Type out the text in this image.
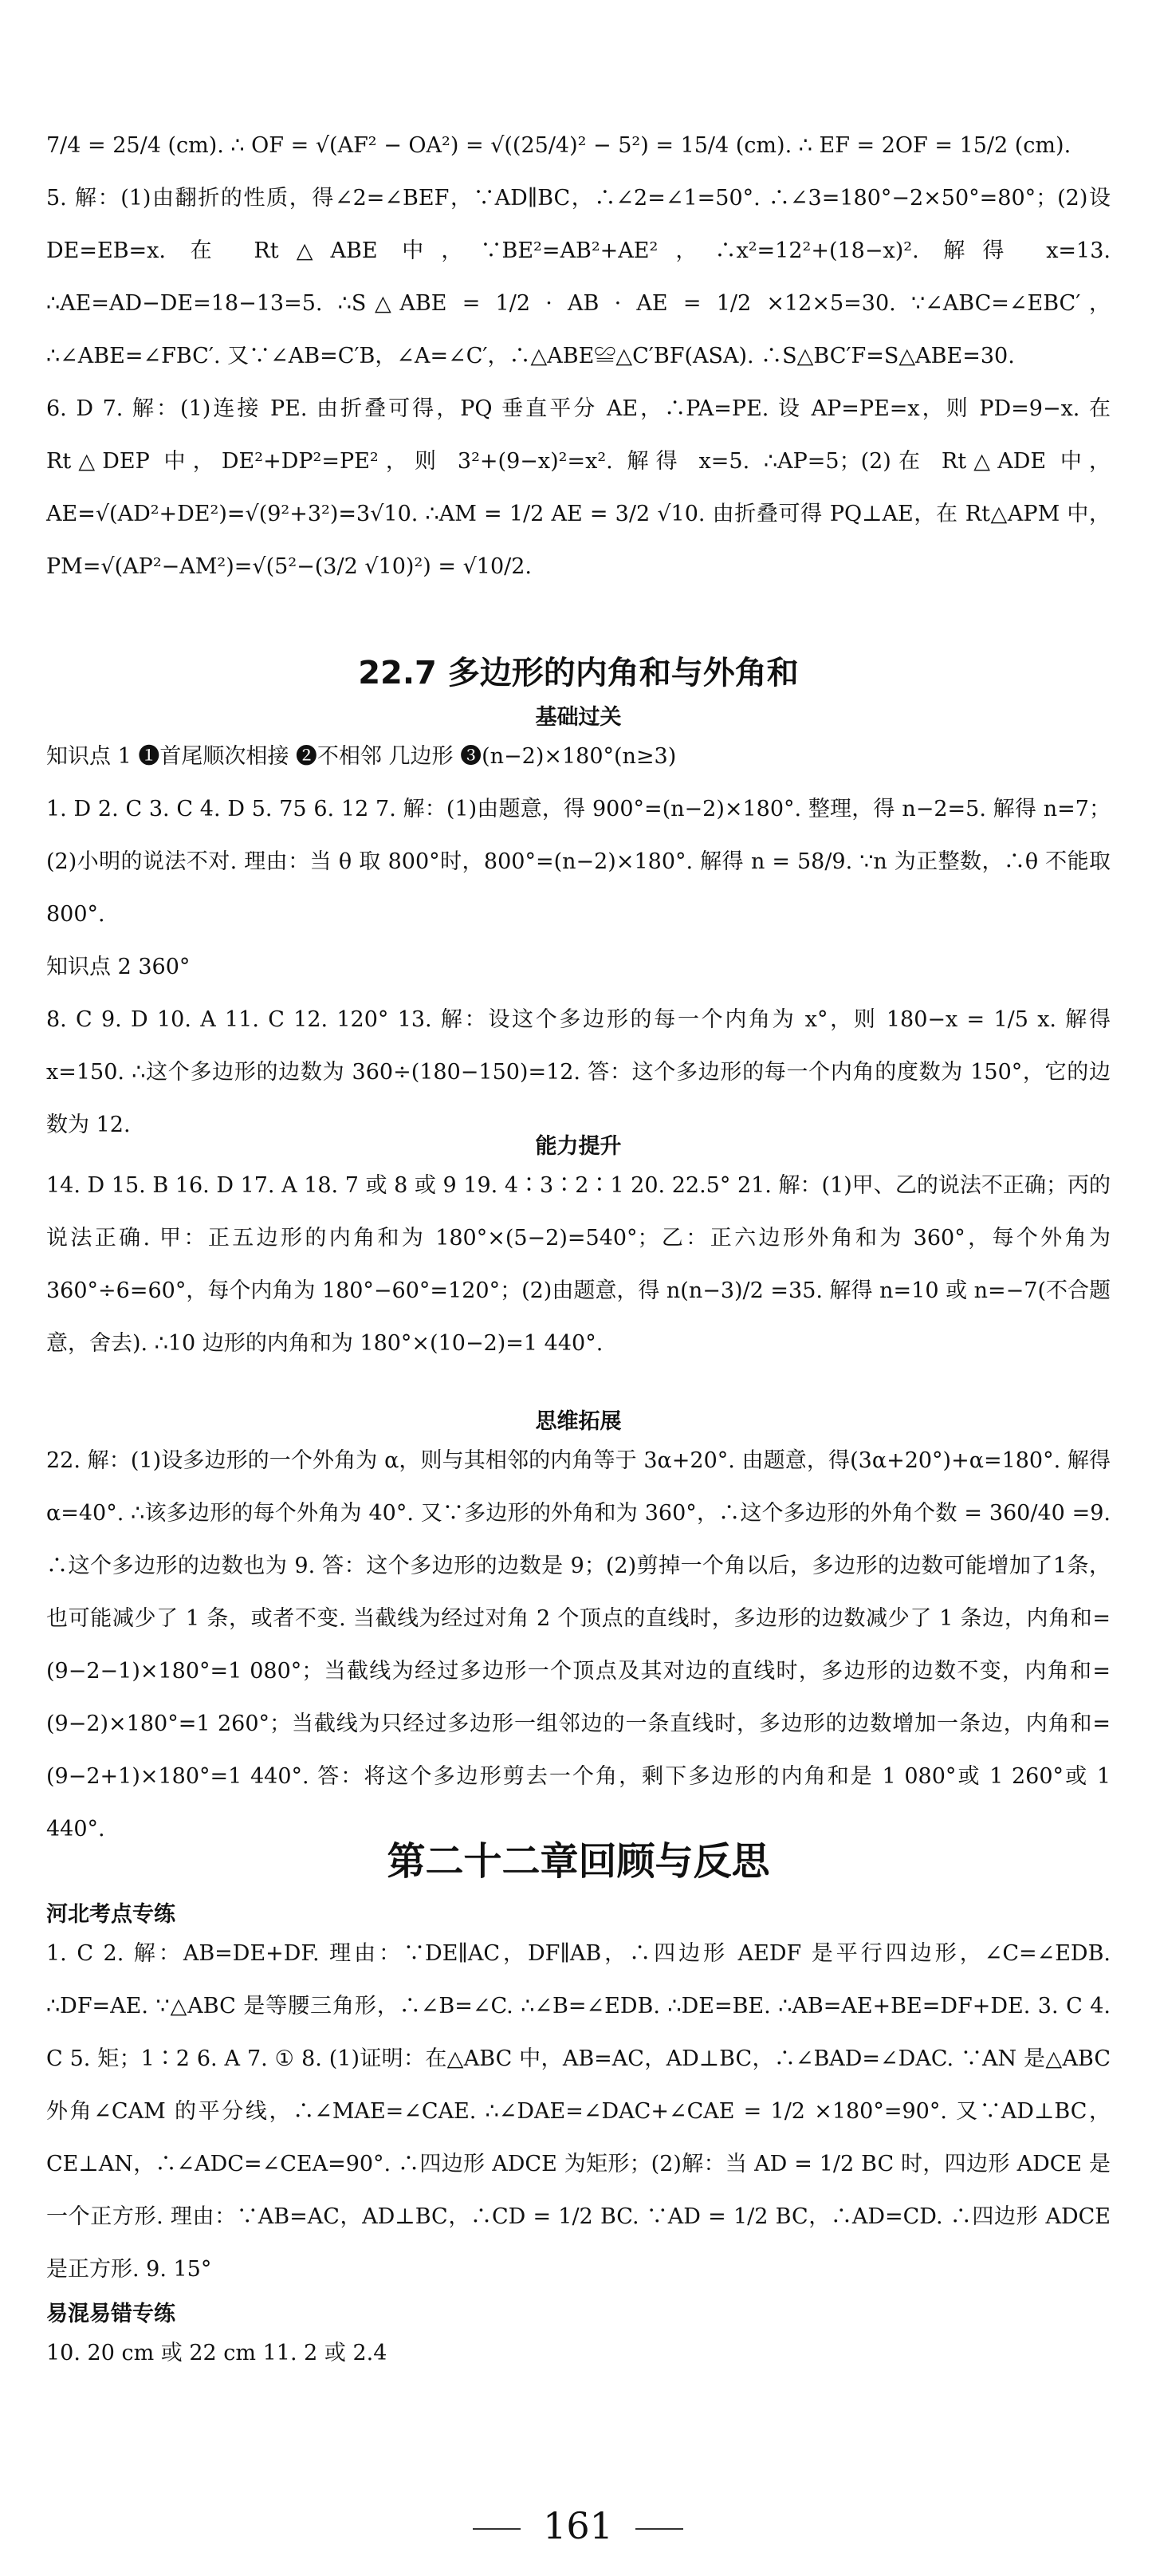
7/4 = 25/4 (cm). ∴ OF = √(AF² − OA²) = √((25/4)² − 5²) = 15/4 (cm). ∴ EF = 2OF = 15/2 (cm).

5. 解：(1)由翻折的性质，得∠2=∠BEF，∵AD∥BC，∴∠2=∠1=50°. ∴∠3=180°−2×50°=80°；(2)设 DE=EB=x. 在 Rt△ABE 中，∵BE²=AB²+AE²，∴x²=12²+(18−x)². 解得 x=13. ∴AE=AD−DE=18−13=5. ∴S△ABE = 1/2 · AB · AE = 1/2 ×12×5=30. ∵∠ABC=∠EBC′，∴∠ABE=∠FBC′. 又∵∠AB=C′B，∠A=∠C′，∴△ABE≌△C′BF(ASA). ∴S△BC′F=S△ABE=30.

6. D 7. 解：(1)连接 PE. 由折叠可得，PQ 垂直平分 AE，∴PA=PE. 设 AP=PE=x，则 PD=9−x. 在 Rt△DEP 中，DE²+DP²=PE²，则 3²+(9−x)²=x². 解得 x=5. ∴AP=5；(2)在 Rt△ADE 中，AE=√(AD²+DE²)=√(9²+3²)=3√10. ∴AM = 1/2 AE = 3/2 √10. 由折叠可得 PQ⊥AE，在 Rt△APM 中，PM=√(AP²−AM²)=√(5²−(3/2 √10)²) = √10/2.

22.7 多边形的内角和与外角和

基础过关

知识点 1 ❶首尾顺次相接 ❷不相邻 几边形 ❸(n−2)×180°(n≥3)

1. D 2. C 3. C 4. D 5. 75 6. 12 7. 解：(1)由题意，得 900°=(n−2)×180°. 整理，得 n−2=5. 解得 n=7；(2)小明的说法不对. 理由：当 θ 取 800°时，800°=(n−2)×180°. 解得 n = 58/9. ∵n 为正整数，∴θ 不能取 800°.

知识点 2 360°

8. C 9. D 10. A 11. C 12. 120° 13. 解：设这个多边形的每一个内角为 x°，则 180−x = 1/5 x. 解得 x=150. ∴这个多边形的边数为 360÷(180−150)=12. 答：这个多边形的每一个内角的度数为 150°，它的边数为 12.

能力提升

14. D 15. B 16. D 17. A 18. 7 或 8 或 9 19. 4∶3∶2∶1 20. 22.5° 21. 解：(1)甲、乙的说法不正确；丙的说法正确. 甲：正五边形的内角和为 180°×(5−2)=540°；乙：正六边形外角和为 360°，每个外角为 360°÷6=60°，每个内角为 180°−60°=120°；(2)由题意，得 n(n−3)/2 =35. 解得 n=10 或 n=−7(不合题意，舍去). ∴10 边形的内角和为 180°×(10−2)=1 440°.

思维拓展

22. 解：(1)设多边形的一个外角为 α，则与其相邻的内角等于 3α+20°. 由题意，得(3α+20°)+α=180°. 解得 α=40°. ∴该多边形的每个外角为 40°. 又∵多边形的外角和为 360°，∴这个多边形的外角个数 = 360/40 =9. ∴这个多边形的边数也为 9. 答：这个多边形的边数是 9；(2)剪掉一个角以后，多边形的边数可能增加了1条，也可能减少了 1 条，或者不变. 当截线为经过对角 2 个顶点的直线时，多边形的边数减少了 1 条边，内角和=(9−2−1)×180°=1 080°；当截线为经过多边形一个顶点及其对边的直线时，多边形的边数不变，内角和=(9−2)×180°=1 260°；当截线为只经过多边形一组邻边的一条直线时，多边形的边数增加一条边，内角和=(9−2+1)×180°=1 440°. 答：将这个多边形剪去一个角，剩下多边形的内角和是 1 080°或 1 260°或 1 440°.

第二十二章回顾与反思

河北考点专练

1. C 2. 解：AB=DE+DF. 理由：∵DE∥AC，DF∥AB，∴四边形 AEDF 是平行四边形，∠C=∠EDB. ∴DF=AE. ∵△ABC 是等腰三角形，∴∠B=∠C. ∴∠B=∠EDB. ∴DE=BE. ∴AB=AE+BE=DF+DE. 3. C 4. C 5. 矩；1∶2 6. A 7. ① 8. (1)证明：在△ABC 中，AB=AC，AD⊥BC，∴∠BAD=∠DAC. ∵AN 是△ABC 外角∠CAM 的平分线，∴∠MAE=∠CAE. ∴∠DAE=∠DAC+∠CAE = 1/2 ×180°=90°. 又∵AD⊥BC，CE⊥AN，∴∠ADC=∠CEA=90°. ∴四边形 ADCE 为矩形；(2)解：当 AD = 1/2 BC 时，四边形 ADCE 是一个正方形. 理由：∵AB=AC，AD⊥BC，∴CD = 1/2 BC. ∵AD = 1/2 BC，∴AD=CD. ∴四边形 ADCE 是正方形. 9. 15°

易混易错专练

10. 20 cm 或 22 cm 11. 2 或 2.4

161
